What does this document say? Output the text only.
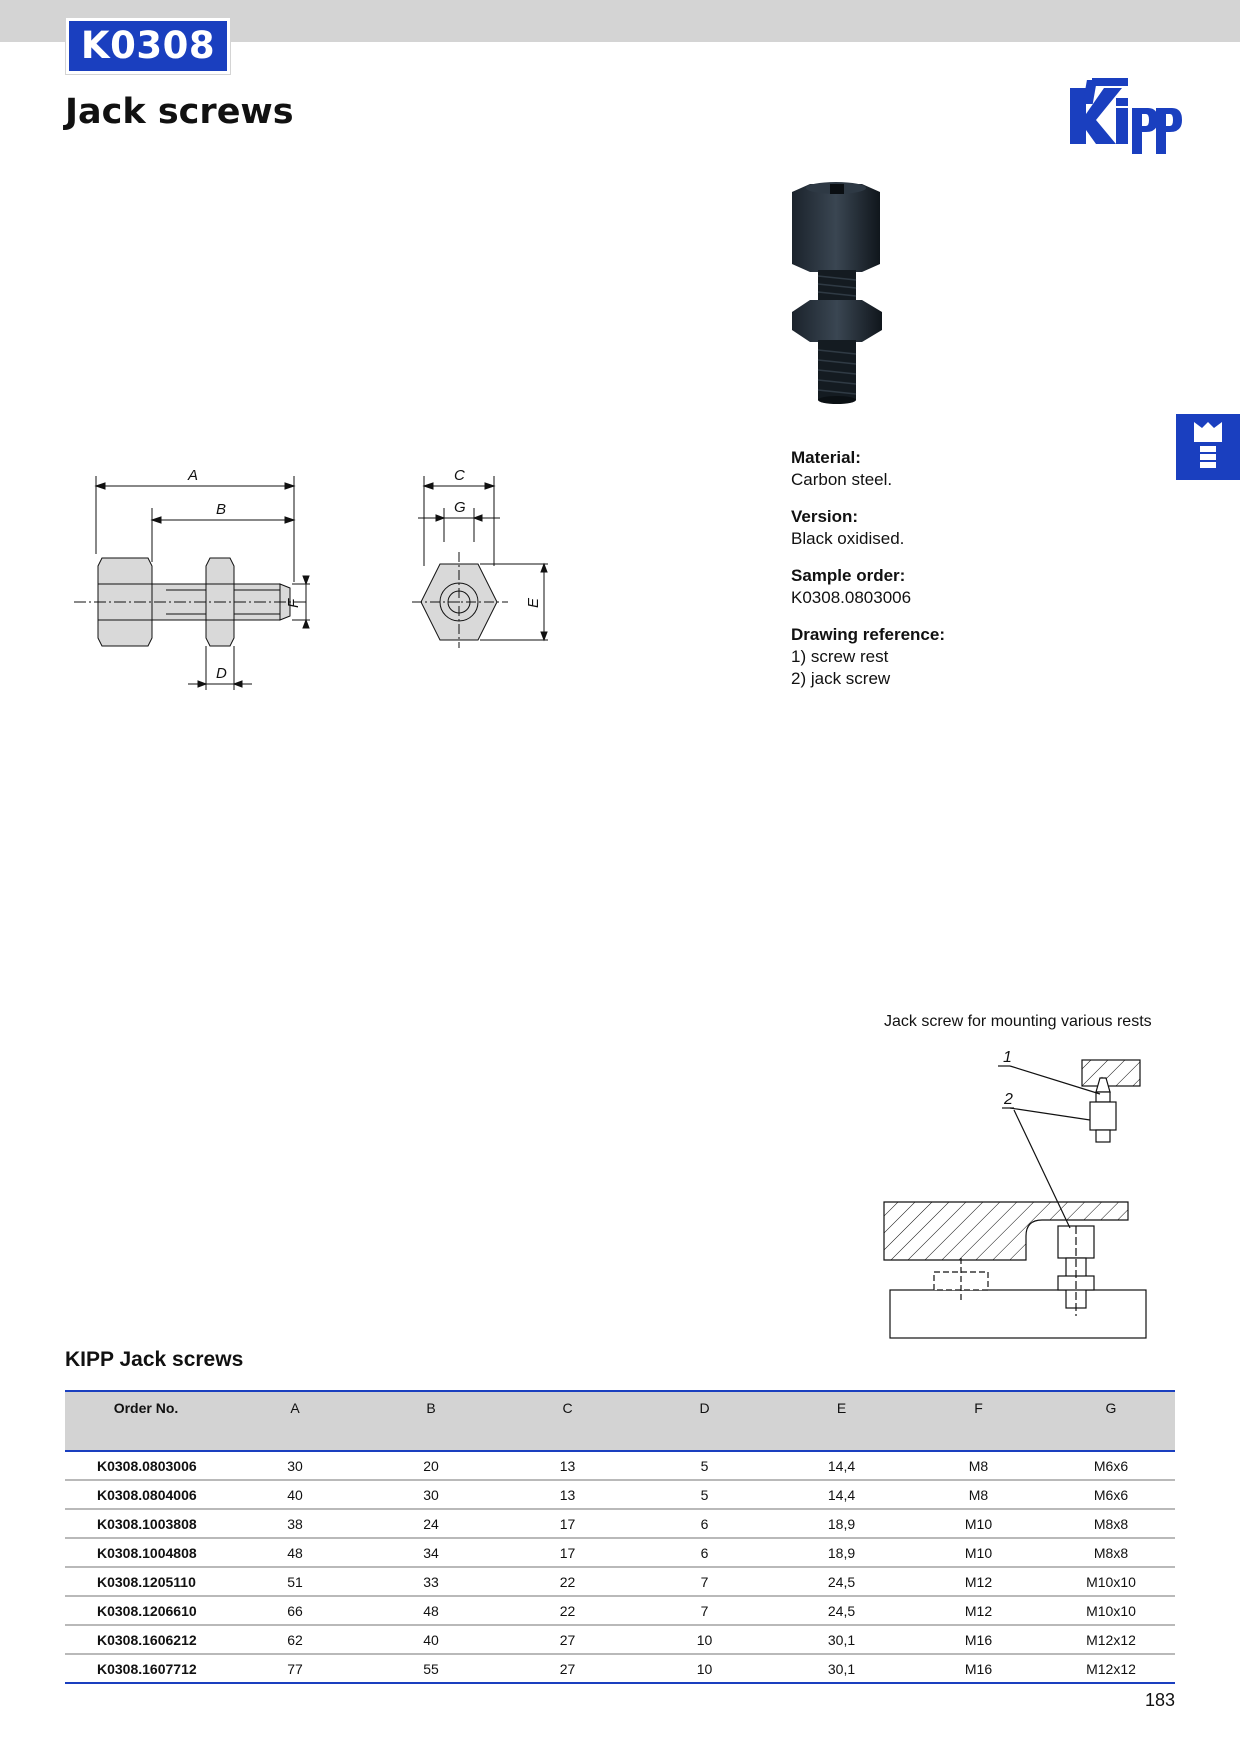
K0308
Jack screws
A
B
D
F
C
G
E
Material:
Carbon steel.
Version:
Black oxidised.
Sample order:
K0308.0803006
Drawing reference:
1) screw rest
2) jack screw
Jack screw for mounting various rests
1
2
KIPP Jack screws
Order No.	A	B	C	D	E	F	G
K0308.0803006	30	20	13	5	14,4	M8	M6x6
K0308.0804006	40	30	13	5	14,4	M8	M6x6
K0308.1003808	38	24	17	6	18,9	M10	M8x8
K0308.1004808	48	34	17	6	18,9	M10	M8x8
K0308.1205110	51	33	22	7	24,5	M12	M10x10
K0308.1206610	66	48	22	7	24,5	M12	M10x10
K0308.1606212	62	40	27	10	30,1	M16	M12x12
K0308.1607712	77	55	27	10	30,1	M16	M12x12
183
